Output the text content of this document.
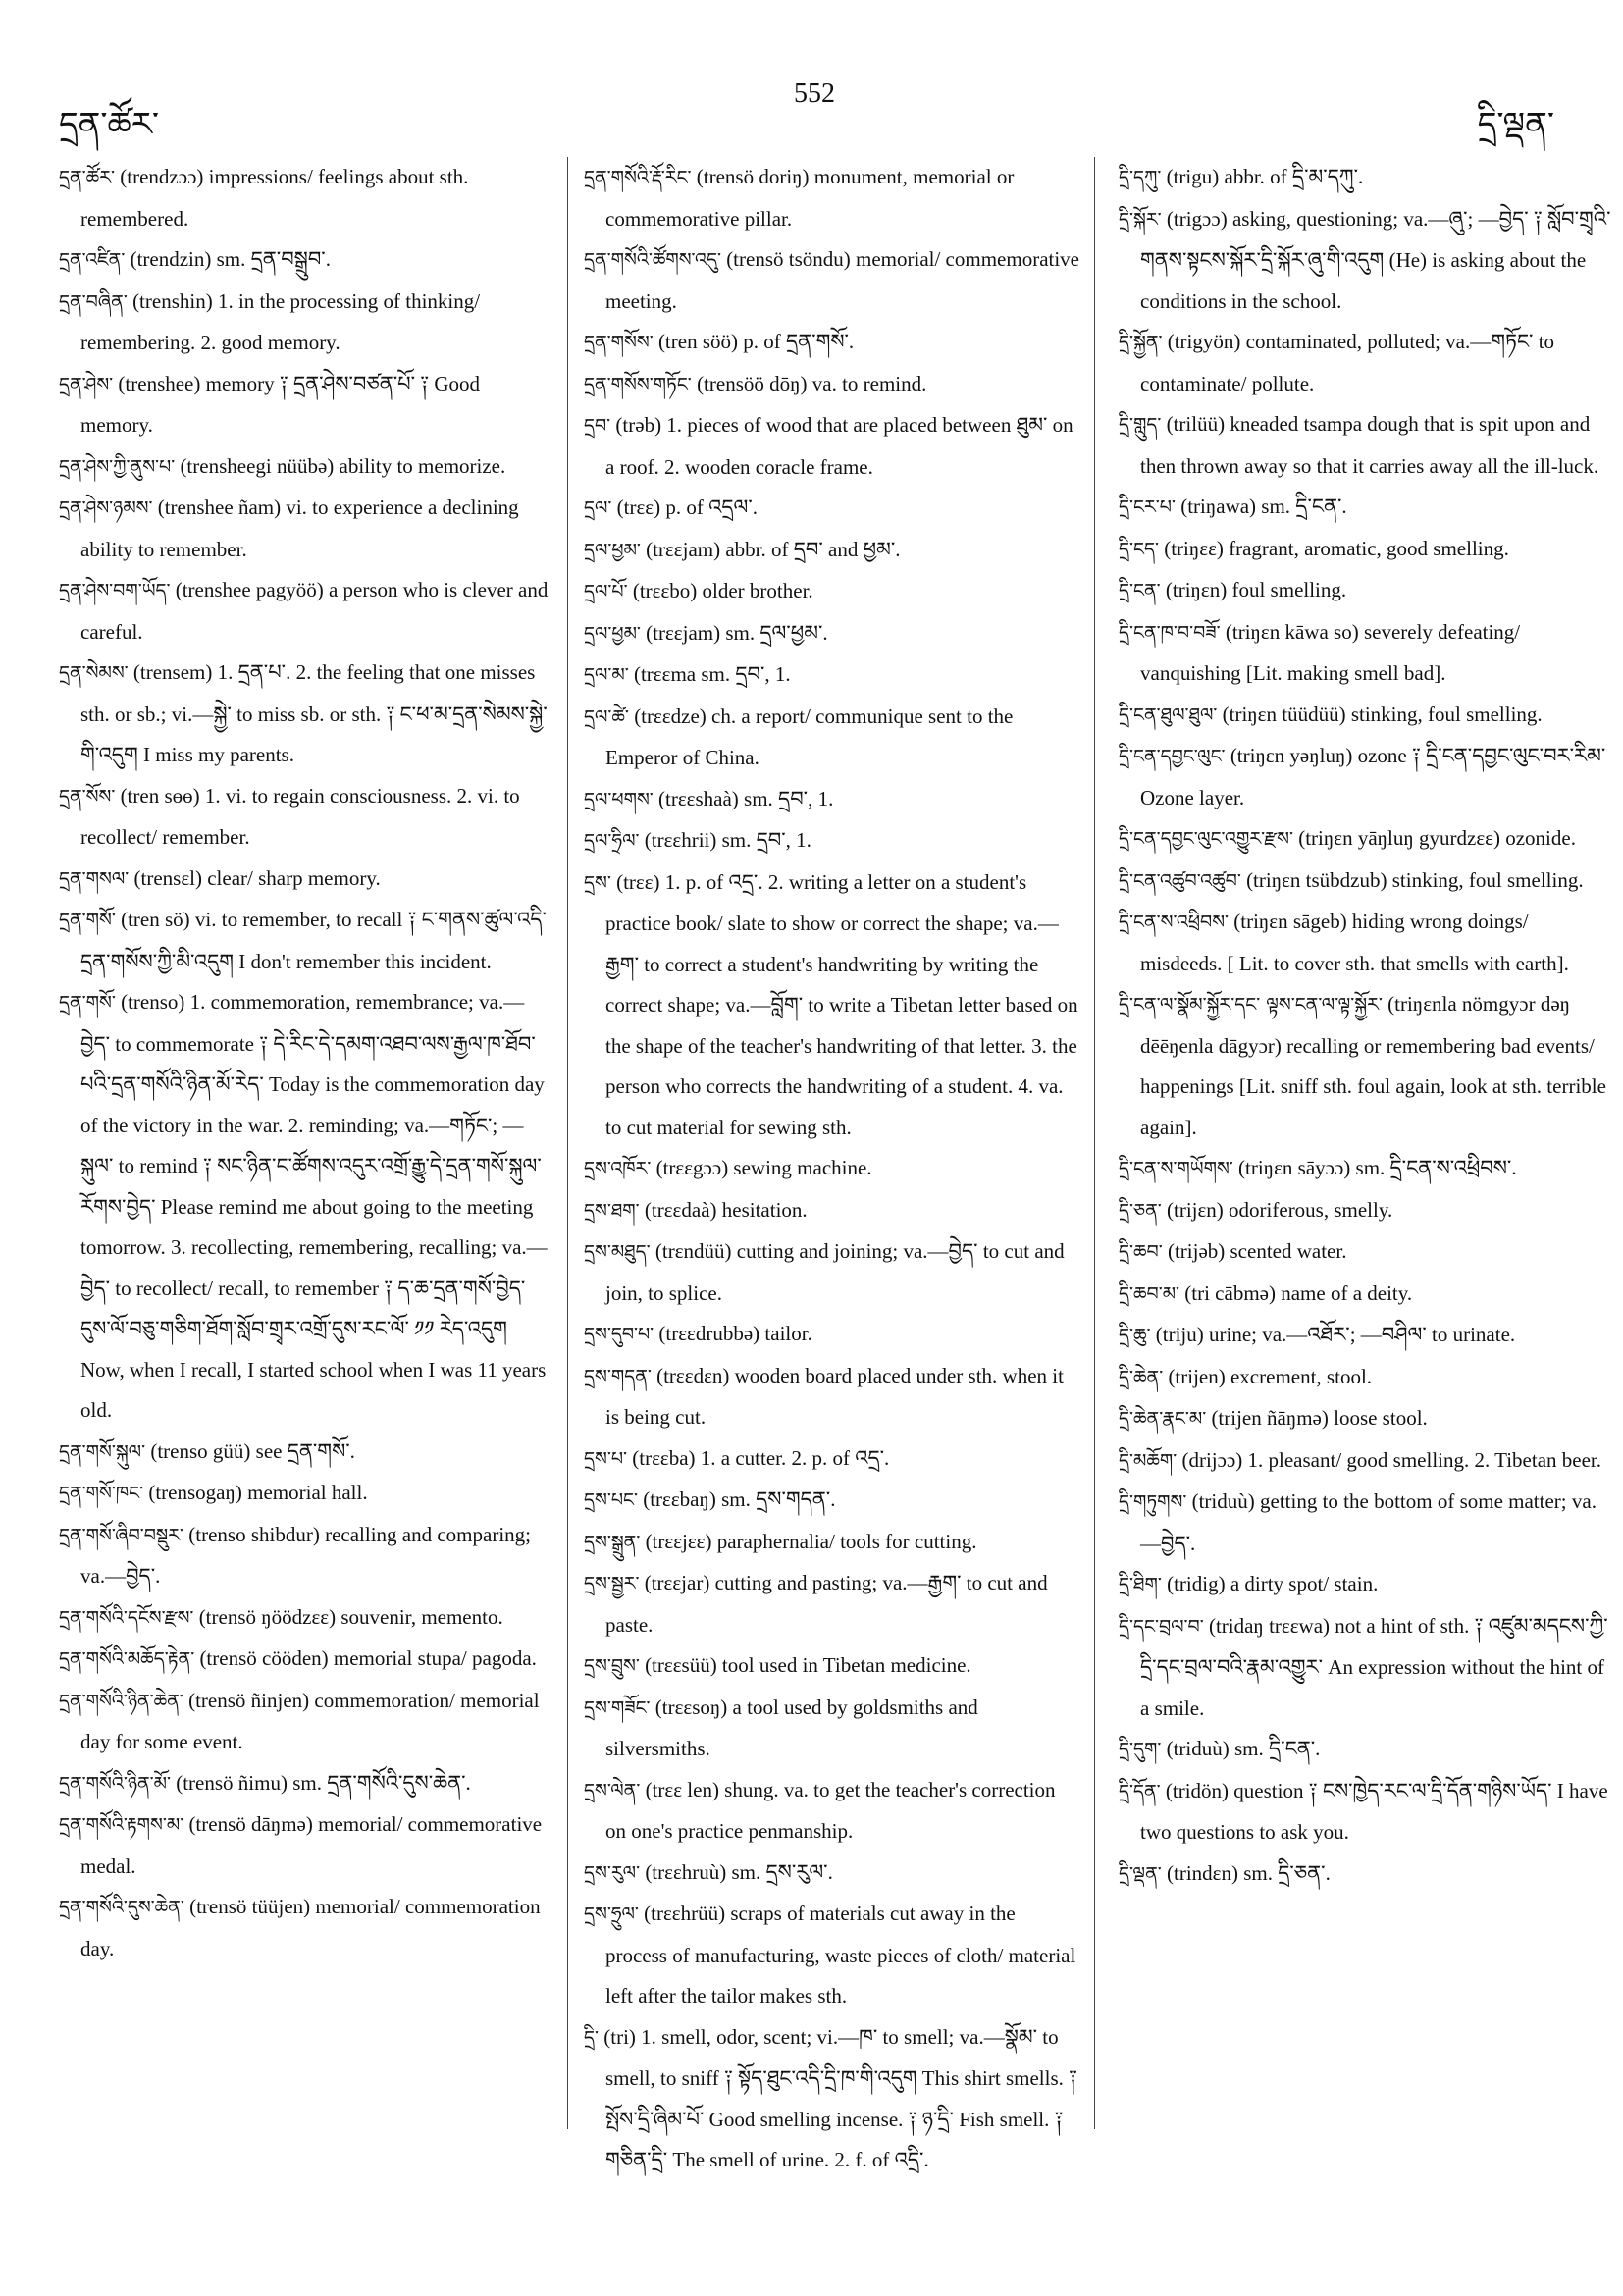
དྲན་ཚོར་
552
དྲི་ལྡན་

དྲན་ཚོར་ (trendzɔɔ) impressions/ feelings about sth. remembered.

དྲན་འཛིན་ (trendzin) sm. དྲན་བསྒྲུབ་.

དྲན་བཞིན་ (trenshin) 1. in the processing of thinking/ remembering. 2. good memory.

དྲན་ཤེས་ (trenshee) memory ༑ དྲན་ཤེས་བཙན་པོ་ ༑ Good memory.

དྲན་ཤེས་ཀྱི་ནུས་པ་ (trensheegi nüübə) ability to memorize.

དྲན་ཤེས་ཉམས་ (trenshee ñam) vi. to experience a declining ability to remember.

དྲན་ཤེས་བག་ཡོད་ (trenshee pagyöö) a person who is clever and careful.

དྲན་སེམས་ (trensem) 1. དྲན་པ་. 2. the feeling that one misses sth. or sb.; vi.—སྐྱེ་ to miss sb. or sth. ༑ ང་ཕ་མ་དྲན་སེམས་སྐྱེ་གི་འདུག I miss my parents.

དྲན་སོས་ (tren sөө) 1. vi. to regain consciousness. 2. vi. to recollect/ remember.

དྲན་གསལ་ (trensɛl) clear/ sharp memory.

དྲན་གསོ་ (tren sö) vi. to remember, to recall ༑ ང་གནས་ཚུལ་འདི་དྲན་གསོས་ཀྱི་མི་འདུག I don't remember this incident.

དྲན་གསོ་ (trenso) 1. commemoration, remembrance; va.—བྱེད་ to commemorate ༑ དེ་རིང་དེ་དམག་འཐབ་ལས་རྒྱལ་ཁ་ཐོབ་པའི་དྲན་གསོའི་ཉིན་མོ་རེད་ Today is the commemoration day of the victory in the war. 2. reminding; va.—གཏོང་; —སྐུལ་ to remind ༑ སང་ཉིན་ང་ཚོགས་འདུར་འགྲོ་རྒྱུ་དེ་དྲན་གསོ་སྐུལ་རོགས་བྱེད་ Please remind me about going to the meeting tomorrow. 3. recollecting, remembering, recalling; va.—བྱེད་ to recollect/ recall, to remember ༑ ད་ཆ་དྲན་གསོ་བྱེད་དུས་ལོ་བཅུ་གཅིག་ཐོག་སློབ་གྲྭར་འགྲོ་དུས་རང་ལོ་ ༡༡ རེད་འདུག Now, when I recall, I started school when I was 11 years old.

དྲན་གསོ་སྐུལ་ (trenso güü) see དྲན་གསོ་.

དྲན་གསོ་ཁང་ (trensogaŋ) memorial hall.

དྲན་གསོ་ཞིབ་བསྡུར་ (trenso shibdur) recalling and comparing; va.—བྱེད་.

དྲན་གསོའི་དངོས་རྫས་ (trensö ŋöödzɛɛ) souvenir, memento.

དྲན་གསོའི་མཆོད་རྟེན་ (trensö cööden) memorial stupa/ pagoda.

དྲན་གསོའི་ཉིན་ཆེན་ (trensö ñinjen) commemoration/ memorial day for some event.

དྲན་གསོའི་ཉིན་མོ་ (trensö ñimu) sm. དྲན་གསོའི་དུས་ཆེན་.

དྲན་གསོའི་རྟགས་མ་ (trensö dāŋmə) memorial/ commemorative medal.

དྲན་གསོའི་དུས་ཆེན་ (trensö tüüjen) memorial/ commemoration day.

དྲན་གསོའི་རྡོ་རིང་ (trensö doriŋ) monument, memorial or commemorative pillar.

དྲན་གསོའི་ཚོགས་འདུ་ (trensö tsöndu) memorial/ commemorative meeting.

དྲན་གསོས་ (tren söö) p. of དྲན་གསོ་.

དྲན་གསོས་གཏོང་ (trensöö dōŋ) va. to remind.

དྲབ་ (trəb) 1. pieces of wood that are placed between ཐུམ་ on a roof. 2. wooden coracle frame.

དྲལ་ (trɛɛ) p. of འདྲལ་.

དྲལ་ཕྱམ་ (trɛɛjam) abbr. of དྲབ་ and ཕྱམ་.

དྲལ་པོ་ (trɛɛbo) older brother.

དྲལ་ཕྱམ་ (trɛɛjam) sm. དྲལ་ཕྱམ་.

དྲལ་མ་ (trɛɛma sm. དྲབ་, 1.

དྲལ་ཚེ་ (trɛɛdze) ch. a report/ communique sent to the Emperor of China.

དྲལ་ཕགས་ (trɛɛshaà) sm. དྲབ་, 1.

དྲལ་ཧྲིལ་ (trɛɛhrii) sm. དྲབ་, 1.

དྲས་ (trɛɛ) 1. p. of འདྲ་. 2. writing a letter on a student's practice book/ slate to show or correct the shape; va.—རྒྱག་ to correct a student's handwriting by writing the correct shape; va.—བློག་ to write a Tibetan letter based on the shape of the teacher's handwriting of that letter. 3. the person who corrects the handwriting of a student. 4. va. to cut material for sewing sth.

དྲས་འཁོར་ (trɛɛgɔɔ) sewing machine.

དྲས་ཐག་ (trɛɛdaà) hesitation.

དྲས་མཐུད་ (trɛndüü) cutting and joining; va.—བྱེད་ to cut and join, to splice.

དྲས་དུབ་པ་ (trɛɛdrubbə) tailor.

དྲས་གདན་ (trɛɛdɛn) wooden board placed under sth. when it is being cut.

དྲས་པ་ (trɛɛba) 1. a cutter. 2. p. of འདྲ་.

དྲས་པང་ (trɛɛbaŋ) sm. དྲས་གདན་.

དྲས་སྒྲུན་ (trɛɛjɛɛ) paraphernalia/ tools for cutting.

དྲས་སྦྱར་ (trɛɛjar) cutting and pasting; va.—རྒྱག་ to cut and paste.

དྲས་བྲུས་ (trɛɛsüü) tool used in Tibetan medicine.

དྲས་གཟོང་ (trɛɛsoŋ) a tool used by goldsmiths and silversmiths.

དྲས་ལེན་ (trɛɛ len) shung. va. to get the teacher's correction on one's practice penmanship.

དྲས་རུལ་ (trɛɛhruù) sm. དྲས་རུལ་.

དྲས་ཧྲུལ་ (trɛɛhrüü) scraps of materials cut away in the process of manufacturing, waste pieces of cloth/ material left after the tailor makes sth.

དྲི་ (tri) 1. smell, odor, scent; vi.—ཁ་ to smell; va.—སྣོམ་ to smell, to sniff ༑ སྟོད་ཐུང་འདི་དྲི་ཁ་གི་འདུག This shirt smells. ༑ སྤོས་དྲི་ཞིམ་པོ་ Good smelling incense. ༑ ཉ་དྲི་ Fish smell. ༑ གཅིན་དྲི་ The smell of urine. 2. f. of འདྲི་.

དྲི་དཀུ་ (trigu) abbr. of དྲི་མ་དཀུ་.

དྲི་སྐོར་ (trigɔɔ) asking, questioning; va.—ཞུ་; —བྱེད་ ༑ སློབ་གྲྭའི་གནས་སྟངས་སྐོར་དྲི་སྐོར་ཞུ་གི་འདུག (He) is asking about the conditions in the school.

དྲི་སྐྱོན་ (trigyön) contaminated, polluted; va.—གཏོང་ to contaminate/ pollute.

དྲི་གླུད་ (trilüü) kneaded tsampa dough that is spit upon and then thrown away so that it carries away all the ill-luck.

དྲི་ངར་པ་ (triŋawa) sm. དྲི་ངན་.

དྲི་ངད་ (triŋɛɛ) fragrant, aromatic, good smelling.

དྲི་ངན་ (triŋɛn) foul smelling.

དྲི་ངན་ཁ་བ་བཟོ་ (triŋɛn kāwa so) severely defeating/ vanquishing [Lit. making smell bad].

དྲི་ངན་ཐུལ་ཐུལ་ (triŋɛn tüüdüü) stinking, foul smelling.

དྲི་ངན་དབྱང་ལུང་ (triŋɛn yəŋluŋ) ozone ༑ དྲི་ངན་དབྱང་ལུང་བར་རིམ་ Ozone layer.

དྲི་ངན་དབྱང་ལུང་འགྱུར་རྫས་ (triŋɛn yāŋluŋ gyurdzɛɛ) ozonide.

དྲི་ངན་འཚུབ་འཚུབ་ (triŋɛn tsübdzub) stinking, foul smelling.

དྲི་ངན་ས་འཕྲིབས་ (triŋɛn sāgeb) hiding wrong doings/ misdeeds. [ Lit. to cover sth. that smells with earth].

དྲི་ངན་ལ་སྣོམ་སྐྱོར་དང་ ལྟས་ངན་ལ་ལྟ་སྐྱོར་ (triŋɛnla nömgyɔr dəŋ dēēŋenla dāgyɔr) recalling or remembering bad events/ happenings [Lit. sniff sth. foul again, look at sth. terrible again].

དྲི་ངན་ས་གཡོགས་ (triŋɛn sāyɔɔ) sm. དྲི་ངན་ས་འཕྲིབས་.

དྲི་ཅན་ (trijɛn) odoriferous, smelly.

དྲི་ཆབ་ (trijəb) scented water.

དྲི་ཆབ་མ་ (tri cābmə) name of a deity.

དྲི་ཆུ་ (triju) urine; va.—འཐོར་; —བཤིལ་ to urinate.

དྲི་ཆེན་ (trijen) excrement, stool.

དྲི་ཆེན་རྣང་མ་ (trijen ñāŋmə) loose stool.

དྲི་མཆོག་ (drijɔɔ) 1. pleasant/ good smelling. 2. Tibetan beer.

དྲི་གཏུགས་ (triduù) getting to the bottom of some matter; va.—བྱེད་.

དྲི་ཐིག་ (tridig) a dirty spot/ stain.

དྲི་དང་བྲལ་བ་ (tridaŋ trɛɛwa) not a hint of sth. ༑ འཛུམ་མདངས་ཀྱི་དྲི་དང་བྲལ་བའི་རྣམ་འགྱུར་ An expression without the hint of a smile.

དྲི་དུག་ (triduù) sm. དྲི་ངན་.

དྲི་དོན་ (tridön) question ༑ ངས་ཁྱེད་རང་ལ་དྲི་དོན་གཉིས་ཡོད་ I have two questions to ask you.

དྲི་ལྡན་ (trindɛn) sm. དྲི་ཅན་.
